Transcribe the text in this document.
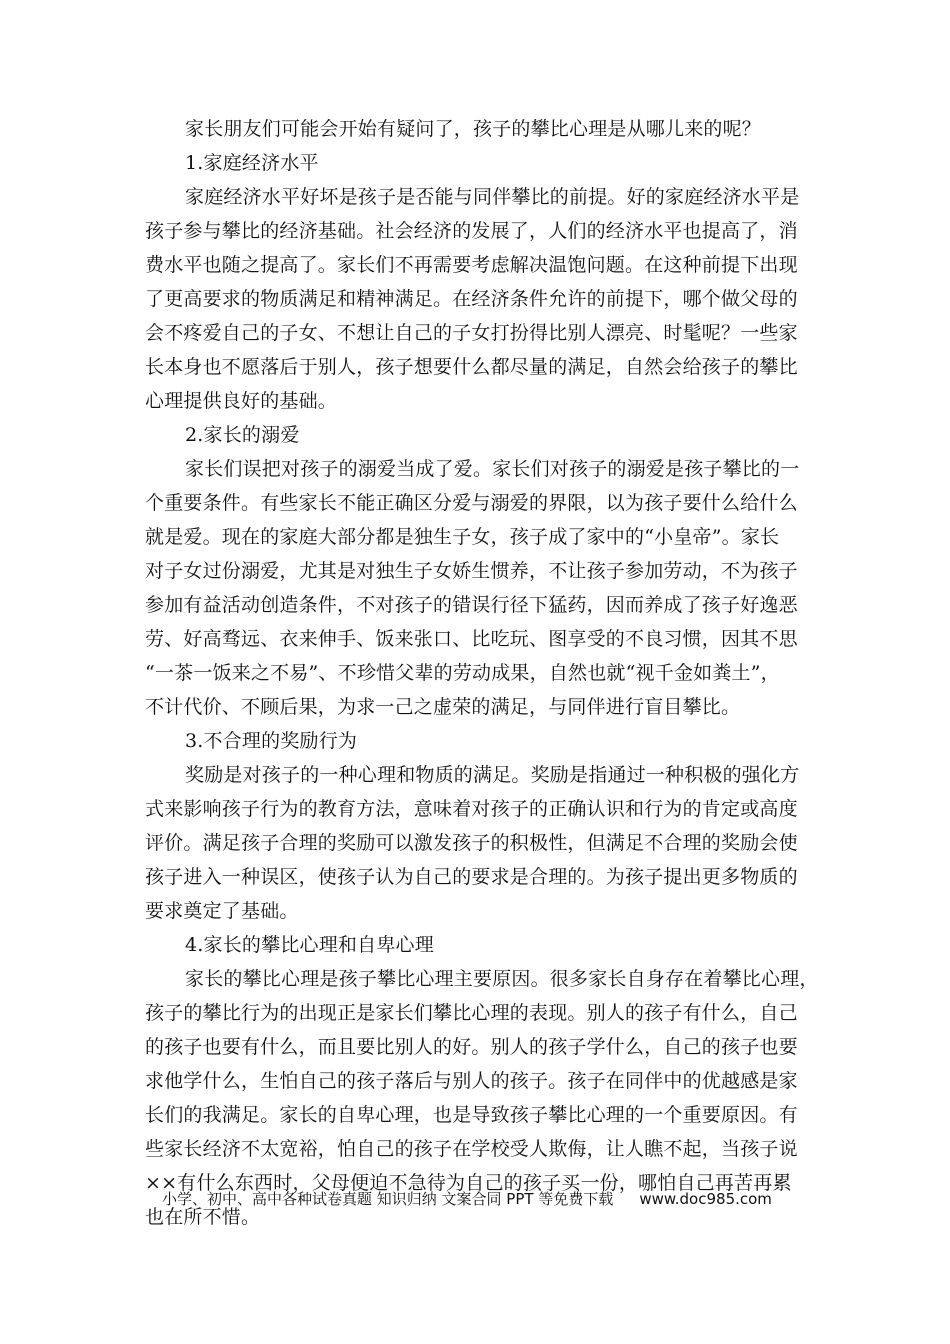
家长朋友们可能会开始有疑问了，孩子的攀比心理是从哪儿来的呢？
1.家庭经济水平
家庭经济水平好坏是孩子是否能与同伴攀比的前提。好的家庭经济水平是
孩子参与攀比的经济基础。社会经济的发展了，人们的经济水平也提高了，消
费水平也随之提高了。家长们不再需要考虑解决温饱问题。在这种前提下出现
了更高要求的物质满足和精神满足。在经济条件允许的前提下，哪个做父母的
会不疼爱自己的子女、不想让自己的子女打扮得比别人漂亮、时髦呢？一些家
长本身也不愿落后于别人，孩子想要什么都尽量的满足，自然会给孩子的攀比
心理提供良好的基础。
2.家长的溺爱
家长们误把对孩子的溺爱当成了爱。家长们对孩子的溺爱是孩子攀比的一
个重要条件。有些家长不能正确区分爱与溺爱的界限，以为孩子要什么给什么
就是爱。现在的家庭大部分都是独生子女，孩子成了家中的“小皇帝”。家长
对子女过份溺爱，尤其是对独生子女娇生惯养，不让孩子参加劳动，不为孩子
参加有益活动创造条件，不对孩子的错误行径下猛药，因而养成了孩子好逸恶
劳、好高骛远、衣来伸手、饭来张口、比吃玩、图享受的不良习惯，因其不思
“一茶一饭来之不易”、不珍惜父辈的劳动成果，自然也就“视千金如粪土”，
不计代价、不顾后果，为求一己之虚荣的满足，与同伴进行盲目攀比。
3.不合理的奖励行为
奖励是对孩子的一种心理和物质的满足。奖励是指通过一种积极的强化方
式来影响孩子行为的教育方法，意味着对孩子的正确认识和行为的肯定或高度
评价。满足孩子合理的奖励可以激发孩子的积极性，但满足不合理的奖励会使
孩子进入一种误区，使孩子认为自己的要求是合理的。为孩子提出更多物质的
要求奠定了基础。
4.家长的攀比心理和自卑心理
家长的攀比心理是孩子攀比心理主要原因。很多家长自身存在着攀比心理，
孩子的攀比行为的出现正是家长们攀比心理的表现。别人的孩子有什么，自己
的孩子也要有什么，而且要比别人的好。别人的孩子学什么，自己的孩子也要
求他学什么，生怕自己的孩子落后与别人的孩子。孩子在同伴中的优越感是家
长们的我满足。家长的自卑心理，也是导致孩子攀比心理的一个重要原因。有
些家长经济不太宽裕，怕自己的孩子在学校受人欺侮，让人瞧不起，当孩子说
××有什么东西时，父母便迫不急待为自己的孩子买一份，哪怕自己再苦再累
也在所不惜。
小学、初中、高中各种试卷真题 知识归纳 文案合同 PPT 等免费下载 www.doc985.com
